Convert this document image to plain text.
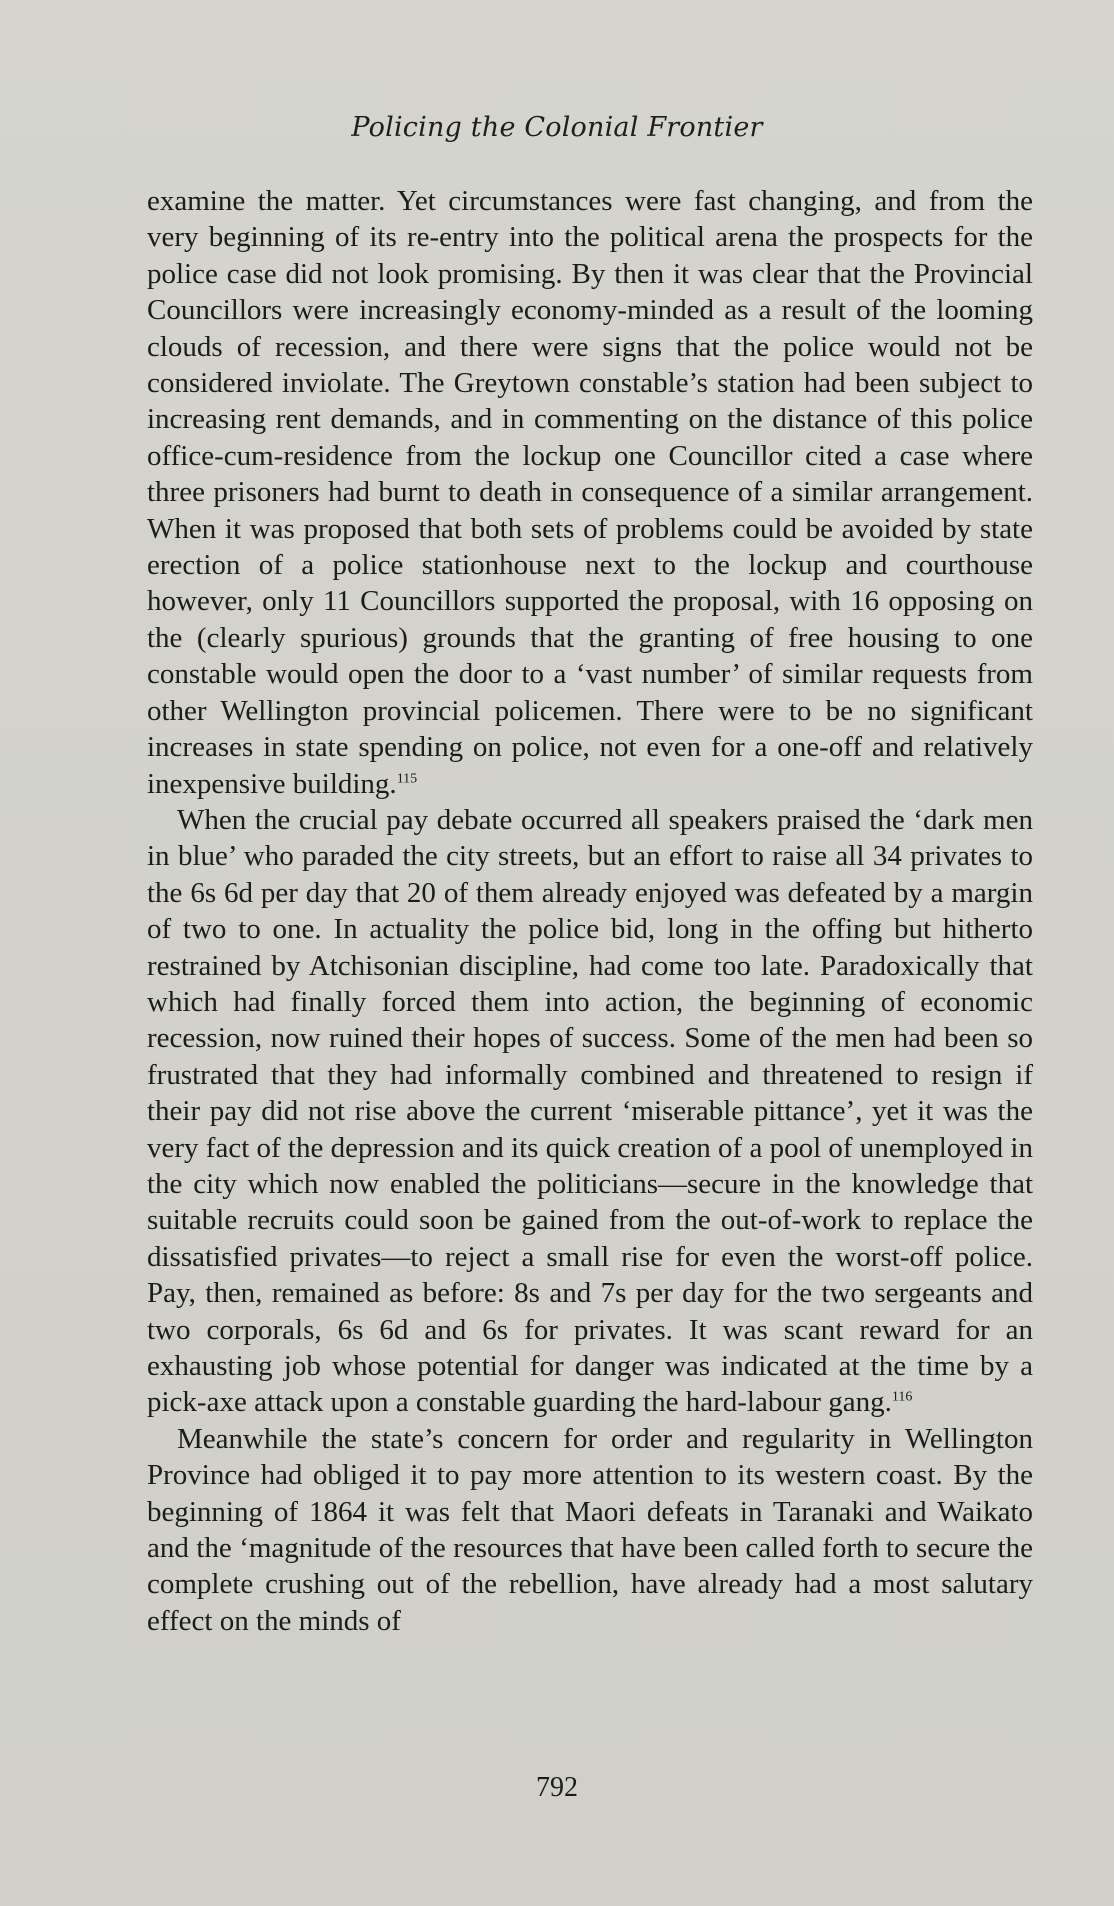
Policing the Colonial Frontier

examine the matter. Yet circumstances were fast changing, and from the very beginning of its re-entry into the political arena the prospects for the police case did not look promising. By then it was clear that the Provincial Councillors were increasingly economy-minded as a result of the looming clouds of recession, and there were signs that the police would not be considered inviolate. The Greytown constable’s station had been subject to increasing rent demands, and in commenting on the distance of this police office-cum-residence from the lockup one Councillor cited a case where three prisoners had burnt to death in consequence of a similar arrangement. When it was proposed that both sets of problems could be avoided by state erection of a police stationhouse next to the lockup and courthouse however, only 11 Councillors supported the proposal, with 16 opposing on the (clearly spurious) grounds that the granting of free housing to one constable would open the door to a ‘vast number’ of similar requests from other Wellington provincial policemen. There were to be no significant increases in state spending on police, not even for a one-off and relatively inexpensive building.$^{115}$

When the crucial pay debate occurred all speakers praised the ‘dark men in blue’ who paraded the city streets, but an effort to raise all 34 privates to the 6s 6d per day that 20 of them already enjoyed was defeated by a margin of two to one. In actuality the police bid, long in the offing but hitherto restrained by Atchisonian discipline, had come too late. Paradoxically that which had finally forced them into action, the beginning of economic recession, now ruined their hopes of success. Some of the men had been so frustrated that they had informally combined and threatened to resign if their pay did not rise above the current ‘miserable pittance’, yet it was the very fact of the depression and its quick creation of a pool of unemployed in the city which now enabled the politicians—secure in the knowledge that suitable recruits could soon be gained from the out-of-work to replace the dissatisfied privates—to reject a small rise for even the worst-off police. Pay, then, remained as before: 8s and 7s per day for the two sergeants and two corporals, 6s 6d and 6s for privates. It was scant reward for an exhausting job whose potential for danger was indicated at the time by a pick-axe attack upon a constable guarding the hard-labour gang.$^{116}$

Meanwhile the state’s concern for order and regularity in Wellington Province had obliged it to pay more attention to its western coast. By the beginning of 1864 it was felt that Maori defeats in Taranaki and Waikato and the ‘magnitude of the resources that have been called forth to secure the complete crushing out of the rebellion, have already had a most salutary effect on the minds of

792
